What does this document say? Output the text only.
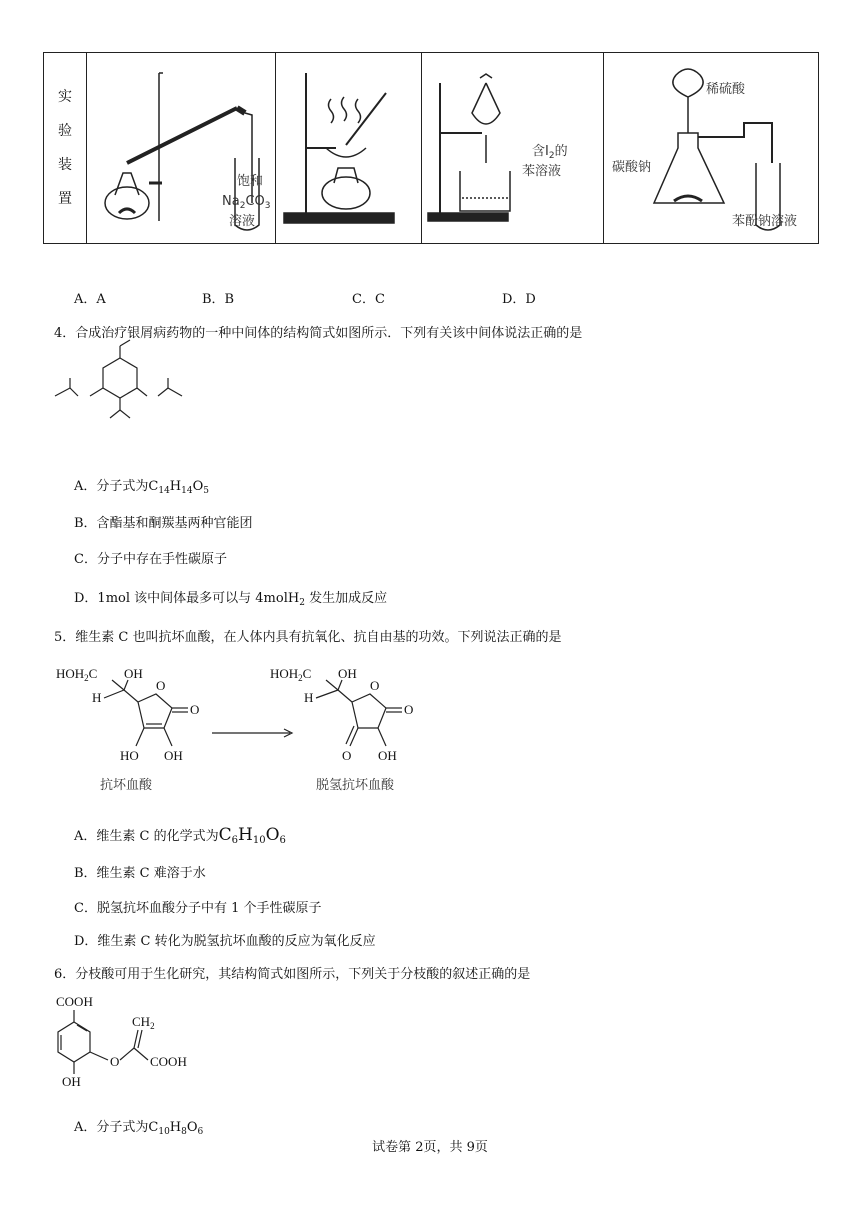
实
验
装
置

饱和
$Na_2CO_3$
溶液

含$I_2$的
苯溶液

稀硫酸
碳酸钠
苯酚钠溶液
A．A	B．B	C．C	D．D
4．合成治疗银屑病药物的一种中间体的结构简式如图所示．下列有关该中间体说法正确的是
A．分子式为$C_{14}H_{14}O_5$
B．含酯基和酮羰基两种官能团
C．分子中存在手性碳原子
D．1mol 该中间体最多可以与 4molH$_2$ 发生加成反应
5．维生素 C 也叫抗坏血酸，在人体内具有抗氧化、抗自由基的功效。下列说法正确的是
$HOH_2C$ OH
H
O
O
HO OH
$HOH_2C$ OH
H
O
O
O OH
抗坏血酸	脱氢抗坏血酸
A．维生素 C 的化学式为$C_6H_{10}O_6$
B．维生素 C 难溶于水
C．脱氢抗坏血酸分子中有 1 个手性碳原子
D．维生素 C 转化为脱氢抗坏血酸的反应为氧化反应
6．分枝酸可用于生化研究，其结构简式如图所示，下列关于分枝酸的叙述正确的是
COOH
O
$CH_2$
COOH
OH
A．分子式为$C_{10}H_8O_6$
试卷第 2页，共 9页
